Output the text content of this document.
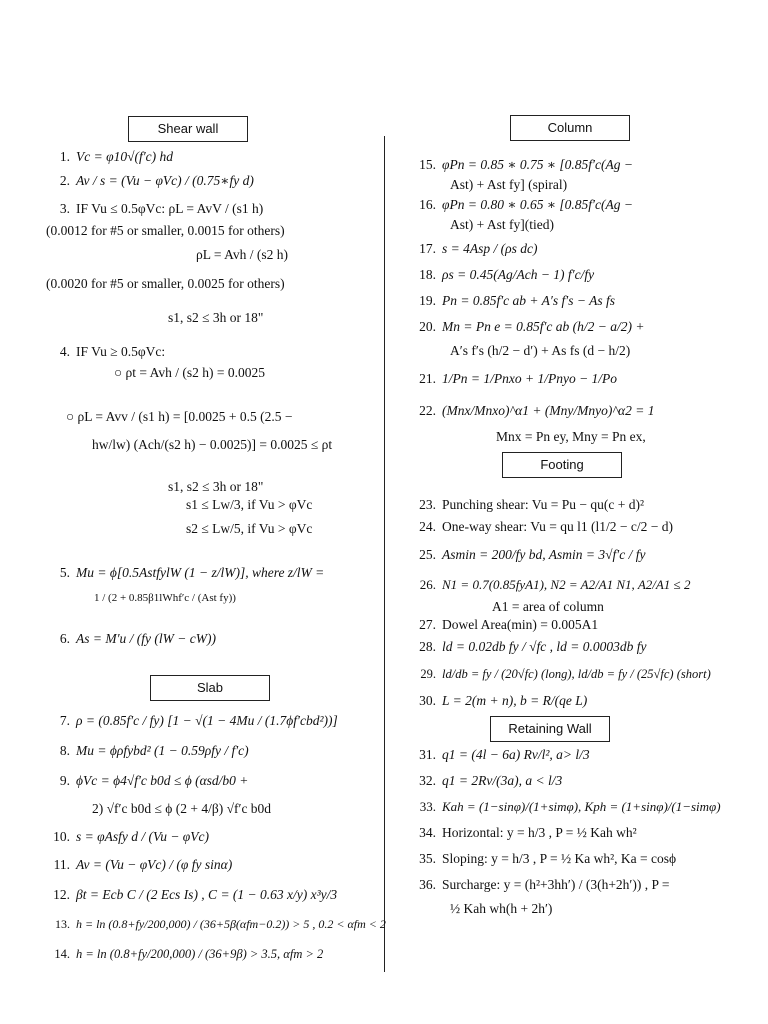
Shear wall
1. Vc = φ10√(f′c) hd
2. Av / s = (Vu − φVc) / (0.75∗fy d)
3. IF Vu ≤ 0.5φVc: ρL = AvV / (s1 h)
(0.0012 for #5 or smaller, 0.0015 for others)
ρL = Avh / (s2 h)
(0.0020 for #5 or smaller, 0.0025 for others)
s1, s2 ≤ 3h or 18"
4. IF Vu ≥ 0.5φVc:
○ ρt = Avh / (s2 h) = 0.0025
○ ρL = Avv / (s1 h) = [0.0025 + 0.5 (2.5 −
hw/lw) (Ach/(s2 h) − 0.0025)] = 0.0025 ≤ ρt
s1, s2 ≤ 3h or 18"
s1 ≤ Lw/3, if Vu > φVc
s2 ≤ Lw/5, if Vu > φVc
5. Mu = ϕ[0.5AstfylW (1 − z/lW)], where z/lW =
1 / (2 + 0.85β1lWhf′c / (Ast fy))
6. As = M′u / (fy (lW − cW))
Slab
7. ρ = (0.85f′c / fy) [1 − √(1 − 4Mu / (1.7ϕf′cbd²))]
8. Mu = ϕρfybd² (1 − 0.59ρfy / f′c)
9. ϕVc = ϕ4√f′c b0d ≤ ϕ (αsd/b0 +
2) √f′c b0d ≤ ϕ (2 + 4/β) √f′c b0d
10. s = φAsfy d / (Vu − φVc)
11. Av = (Vu − φVc) / (φ fy sinα)
12. βt = Ecb C / (2 Ecs Is) , C = (1 − 0.63 x/y) x³y/3
13. h = ln (0.8+fy/200,000) / (36+5β(αfm−0.2)) > 5 , 0.2 < αfm < 2
14. h = ln (0.8+fy/200,000) / (36+9β) > 3.5, αfm > 2
Column
15. φPn = 0.85 ∗ 0.75 ∗ [0.85f′c(Ag −
Ast) + Ast fy] (spiral)
16. φPn = 0.80 ∗ 0.65 ∗ [0.85f′c(Ag −
Ast) + Ast fy](tied)
17. s = 4Asp / (ρs dc)
18. ρs = 0.45(Ag/Ach − 1) f′c/fy
19. Pn = 0.85f′c ab + A′s f′s − As fs
20. Mn = Pn e = 0.85f′c ab (h/2 − a/2) +
A′s f′s (h/2 − d′) + As fs (d − h/2)
21. 1/Pn = 1/Pnxo + 1/Pnyo − 1/Po
22. (Mnx/Mnxo)^α1 + (Mny/Mnyo)^α2 = 1
Mnx = Pn ey, Mny = Pn ex,
Footing
23. Punching shear: Vu = Pu − qu(c + d)²
24. One-way shear: Vu = qu l1 (l1/2 − c/2 − d)
25. Asmin = 200/fy bd, Asmin = 3√f′c / fy
26. N1 = 0.7(0.85fyA1), N2 = A2/A1 N1, A2/A1 ≤ 2
A1 = area of column
27. Dowel Area(min) = 0.005A1
28. ld = 0.02db fy / √fc , ld = 0.0003db fy
29. ld/db = fy / (20√fc) (long), ld/db = fy / (25√fc) (short)
30. L = 2(m + n), b = R/(qe L)
Retaining Wall
31. q1 = (4l − 6a) Rv/l², a> l/3
32. q1 = 2Rv/(3a), a < l/3
33. Kah = (1−sinφ)/(1+simφ), Kph = (1+sinφ)/(1−simφ)
34. Horizontal: y = h/3 , P = ½ Kah wh²
35. Sloping: y = h/3 , P = ½ Ka wh², Ka = cosϕ
36. Surcharge: y = (h²+3hh′) / (3(h+2h′)) , P =
½ Kah wh(h + 2h′)
